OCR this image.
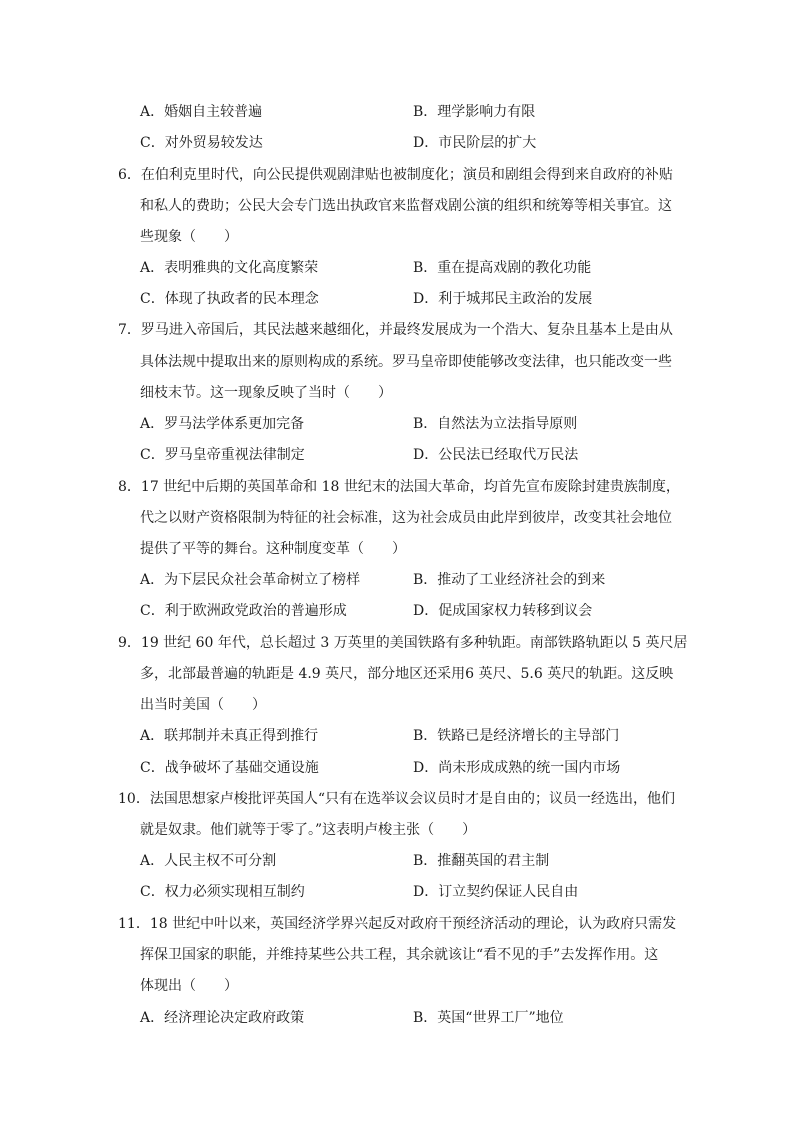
A．婚姻自主较普遍	B．理学影响力有限
C．对外贸易较发达	D．市民阶层的扩大
6．在伯利克里时代，向公民提供观剧津贴也被制度化；演员和剧组会得到来自政府的补贴
和私人的费助；公民大会专门选出执政官来监督戏剧公演的组织和统筹等相关事宜。这
些现象（　　）
A．表明雅典的文化高度繁荣	B．重在提高戏剧的教化功能
C．体现了执政者的民本理念	D．利于城邦民主政治的发展
7．罗马进入帝国后，其民法越来越细化，并最终发展成为一个浩大、复杂且基本上是由从
具体法规中提取出来的原则构成的系统。罗马皇帝即使能够改变法律，也只能改变一些
细枝末节。这一现象反映了当时（　　）
A．罗马法学体系更加完备	B．自然法为立法指导原则
C．罗马皇帝重视法律制定	D．公民法已经取代万民法
8．17 世纪中后期的英国革命和 18 世纪末的法国大革命，均首先宣布废除封建贵族制度，
代之以财产资格限制为特征的社会标准，这为社会成员由此岸到彼岸，改变其社会地位
提供了平等的舞台。这种制度变革（　　）
A．为下层民众社会革命树立了榜样	B．推动了工业经济社会的到来
C．利于欧洲政党政治的普遍形成	D．促成国家权力转移到议会
9．19 世纪 60 年代，总长超过 3 万英里的美国铁路有多种轨距。南部铁路轨距以 5 英尺居
多，北部最普遍的轨距是 4.9 英尺，部分地区还采用6 英尺、5.6 英尺的轨距。这反映
出当时美国（　　）
A．联邦制并未真正得到推行	B．铁路已是经济增长的主导部门
C．战争破坏了基础交通设施	D．尚未形成成熟的统一国内市场
10．法国思想家卢梭批评英国人“只有在选举议会议员时才是自由的；议员一经选出，他们
就是奴隶。他们就等于零了。”这表明卢梭主张（　　）
A．人民主权不可分割	B．推翻英国的君主制
C．权力必须实现相互制约	D．订立契约保证人民自由
11．18 世纪中叶以来，英国经济学界兴起反对政府干预经济活动的理论，认为政府只需发
挥保卫国家的职能，并维持某些公共工程，其余就该让“看不见的手”去发挥作用。这
体现出（　　）
A．经济理论决定政府政策	B．英国“世界工厂”地位
